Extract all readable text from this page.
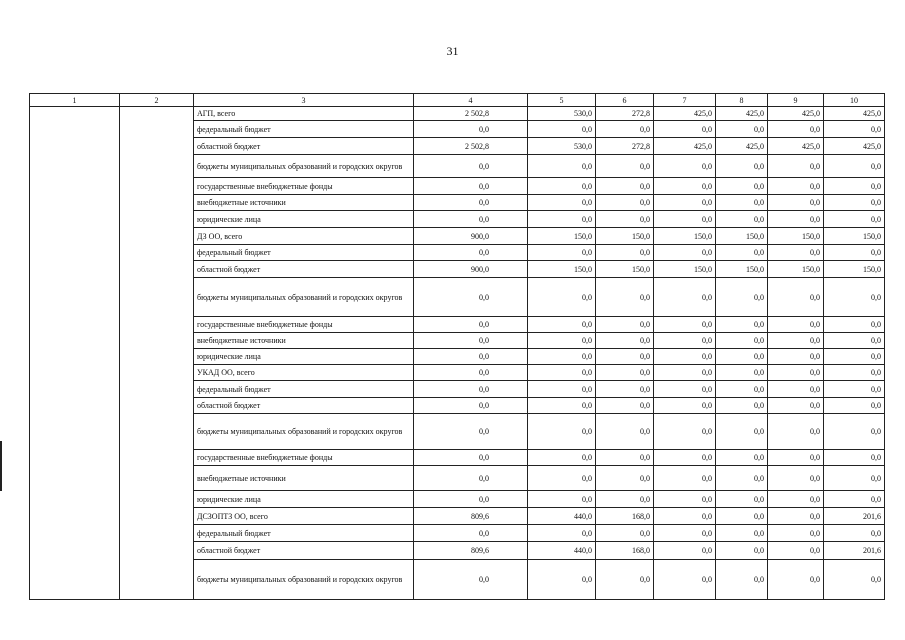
31
1	2	3	4	5	6	7	8	9	10
		АГП, всего	2 502,8	530,0	272,8	425,0	425,0	425,0	425,0
		федеральный бюджет	0,0	0,0	0,0	0,0	0,0	0,0	0,0
		областной бюджет	2 502,8	530,0	272,8	425,0	425,0	425,0	425,0
		бюджеты муниципальных образований и городских округов	0,0	0,0	0,0	0,0	0,0	0,0	0,0
		государственные внебюджетные фонды	0,0	0,0	0,0	0,0	0,0	0,0	0,0
		внебюджетные источники	0,0	0,0	0,0	0,0	0,0	0,0	0,0
		юридические лица	0,0	0,0	0,0	0,0	0,0	0,0	0,0
		ДЗ ОО, всего	900,0	150,0	150,0	150,0	150,0	150,0	150,0
		федеральный бюджет	0,0	0,0	0,0	0,0	0,0	0,0	0,0
		областной бюджет	900,0	150,0	150,0	150,0	150,0	150,0	150,0
		бюджеты муниципальных образований и городских округов	0,0	0,0	0,0	0,0	0,0	0,0	0,0
		государственные внебюджетные фонды	0,0	0,0	0,0	0,0	0,0	0,0	0,0
		внебюджетные источники	0,0	0,0	0,0	0,0	0,0	0,0	0,0
		юридические лица	0,0	0,0	0,0	0,0	0,0	0,0	0,0
		УКАД ОО, всего	0,0	0,0	0,0	0,0	0,0	0,0	0,0
		федеральный бюджет	0,0	0,0	0,0	0,0	0,0	0,0	0,0
		областной бюджет	0,0	0,0	0,0	0,0	0,0	0,0	0,0
		бюджеты муниципальных образований и городских округов	0,0	0,0	0,0	0,0	0,0	0,0	0,0
		государственные внебюджетные фонды	0,0	0,0	0,0	0,0	0,0	0,0	0,0
		внебюджетные источники	0,0	0,0	0,0	0,0	0,0	0,0	0,0
		юридические лица	0,0	0,0	0,0	0,0	0,0	0,0	0,0
		ДСЗОПТЗ ОО, всего	809,6	440,0	168,0	0,0	0,0	0,0	201,6
		федеральный бюджет	0,0	0,0	0,0	0,0	0,0	0,0	0,0
		областной бюджет	809,6	440,0	168,0	0,0	0,0	0,0	201,6
		бюджеты муниципальных образований и городских округов	0,0	0,0	0,0	0,0	0,0	0,0	0,0
